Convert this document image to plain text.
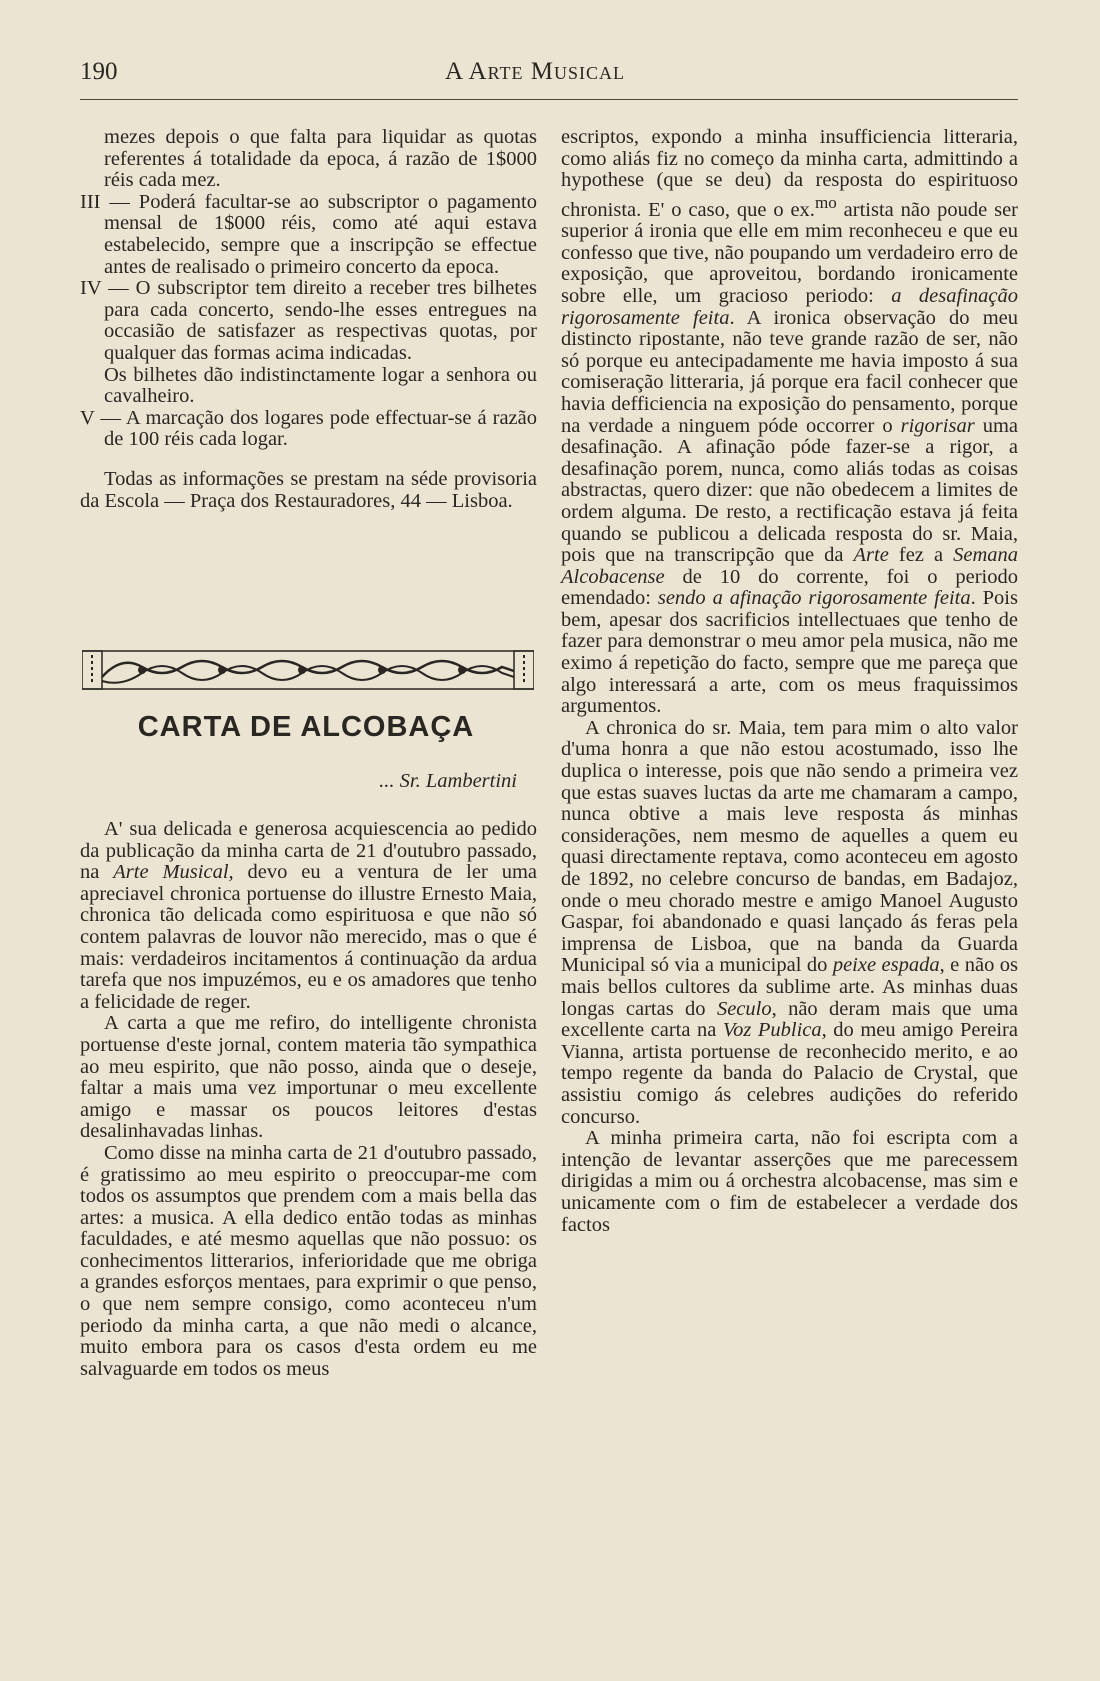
190	A Arte Musical

mezes depois o que falta para liquidar as quotas referentes á totalidade da epoca, á razão de 1$000 réis cada mez.

III — Poderá facultar-se ao subscriptor o pagamento mensal de 1$000 réis, como até aqui estava estabelecido, sempre que a inscripção se effectue antes de realisado o primeiro concerto da epoca.

IV — O subscriptor tem direito a receber tres bilhetes para cada concerto, sendo-lhe esses entregues na occasião de satisfazer as respectivas quotas, por qualquer das formas acima indicadas.

Os bilhetes dão indistinctamente logar a senhora ou cavalheiro.

V — A marcação dos logares pode effectuar-se á razão de 100 réis cada logar.

Todas as informações se prestam na séde provisoria da Escola — Praça dos Restauradores, 44 — Lisboa.

CARTA DE ALCOBAÇA
... Sr. Lambertini

A' sua delicada e generosa acquiescencia ao pedido da publicação da minha carta de 21 d'outubro passado, na Arte Musical, devo eu a ventura de ler uma apreciavel chronica portuense do illustre Ernesto Maia, chronica tão delicada como espirituosa e que não só contem palavras de louvor não merecido, mas o que é mais: verdadeiros incitamentos á continuação da ardua tarefa que nos impuzémos, eu e os amadores que tenho a felicidade de reger.

A carta a que me refiro, do intelligente chronista portuense d'este jornal, contem materia tão sympathica ao meu espirito, que não posso, ainda que o deseje, faltar a mais uma vez importunar o meu excellente amigo e massar os poucos leitores d'estas desalinhavadas linhas.

Como disse na minha carta de 21 d'outubro passado, é gratissimo ao meu espirito o preoccupar-me com todos os assumptos que prendem com a mais bella das artes: a musica. A ella dedico então todas as minhas faculdades, e até mesmo aquellas que não possuo: os conhecimentos litterarios, inferioridade que me obriga a grandes esforços mentaes, para exprimir o que penso, o que nem sempre consigo, como aconteceu n'um periodo da minha carta, a que não medi o alcance, muito embora para os casos d'esta ordem eu me salvaguarde em todos os meus

escriptos, expondo a minha insufficiencia litteraria, como aliás fiz no começo da minha carta, admittindo a hypothese (que se deu) da resposta do espirituoso chronista. E' o caso, que o ex.$^{mo}$ artista não poude ser superior á ironia que elle em mim reconheceu e que eu confesso que tive, não poupando um verdadeiro erro de exposição, que aproveitou, bordando ironicamente sobre elle, um gracioso periodo: a desafinação rigorosamente feita. A ironica observação do meu distincto ripostante, não teve grande razão de ser, não só porque eu antecipadamente me havia imposto á sua comiseração litteraria, já porque era facil conhecer que havia defficiencia na exposição do pensamento, porque na verdade a ninguem póde occorrer o rigorisar uma desafinação. A afinação póde fazer-se a rigor, a desafinação porem, nunca, como aliás todas as coisas abstractas, quero dizer: que não obedecem a limites de ordem alguma. De resto, a rectificação estava já feita quando se publicou a delicada resposta do sr. Maia, pois que na transcripção que da Arte fez a Semana Alcobacense de 10 do corrente, foi o periodo emendado: sendo a afinação rigorosamente feita. Pois bem, apesar dos sacrificios intellectuaes que tenho de fazer para demonstrar o meu amor pela musica, não me eximo á repetição do facto, sempre que me pareça que algo interessará a arte, com os meus fraquissimos argumentos.

A chronica do sr. Maia, tem para mim o alto valor d'uma honra a que não estou acostumado, isso lhe duplica o interesse, pois que não sendo a primeira vez que estas suaves luctas da arte me chamaram a campo, nunca obtive a mais leve resposta ás minhas considerações, nem mesmo de aquelles a quem eu quasi directamente reptava, como aconteceu em agosto de 1892, no celebre concurso de bandas, em Badajoz, onde o meu chorado mestre e amigo Manoel Augusto Gaspar, foi abandonado e quasi lançado ás feras pela imprensa de Lisboa, que na banda da Guarda Municipal só via a municipal do peixe espada, e não os mais bellos cultores da sublime arte. As minhas duas longas cartas do Seculo, não deram mais que uma excellente carta na Voz Publica, do meu amigo Pereira Vianna, artista portuense de reconhecido merito, e ao tempo regente da banda do Palacio de Crystal, que assistiu comigo ás celebres audições do referido concurso.

A minha primeira carta, não foi escripta com a intenção de levantar asserções que me parecessem dirigidas a mim ou á orchestra alcobacense, mas sim e unicamente com o fim de estabelecer a verdade dos factos
